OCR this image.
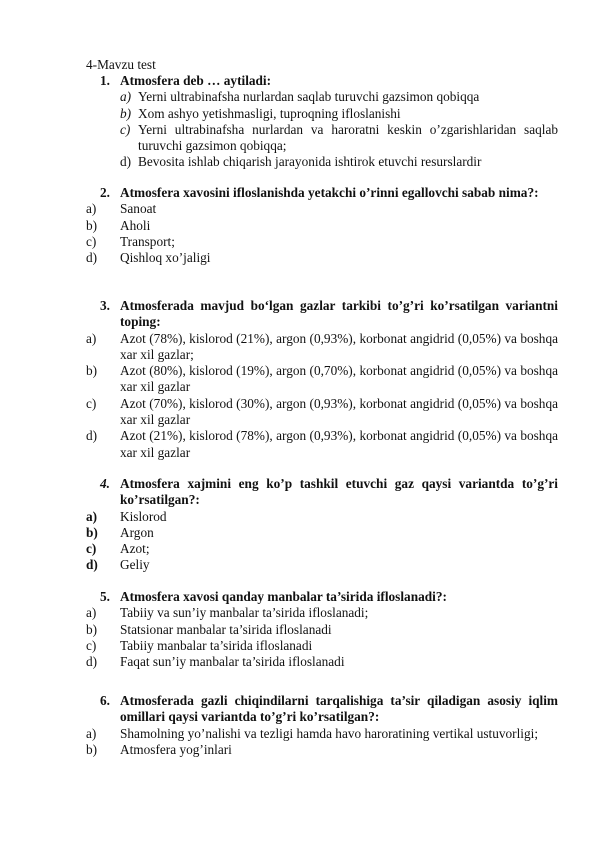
4-Mavzu test
1. Atmosfera deb … aytiladi:
a) Yerni ultrabinafsha nurlardan saqlab turuvchi gazsimon qobiqqa
b) Xom ashyo yetishmasligi, tuproqning ifloslanishi
c) Yerni ultrabinafsha nurlardan va haroratni keskin o’zgarishlaridan saqlab turuvchi gazsimon qobiqqa;
d) Bevosita ishlab chiqarish jarayonida ishtirok etuvchi resurslardir
2. Atmosfera xavosini ifloslanishda yetakchi o’rinni egallovchi sabab nima?:
a)	Sanoat
b)	Aholi
c)	Transport;
d)	Qishloq xo’jaligi
3. Atmosferada mavjud bo‘lgan gazlar tarkibi to’g’ri ko’rsatilgan variantni toping:
a)	Azot (78%), kislorod (21%), argon (0,93%), korbonat angidrid (0,05%) va boshqa xar xil gazlar;
b)	Azot (80%), kislorod (19%), argon (0,70%), korbonat angidrid (0,05%) va boshqa xar xil gazlar
c)	Azot (70%), kislorod (30%), argon (0,93%), korbonat angidrid (0,05%) va boshqa xar xil gazlar
d)	Azot (21%), kislorod (78%), argon (0,93%), korbonat angidrid (0,05%) va boshqa xar xil gazlar
4. Atmosfera xajmini eng ko’p tashkil etuvchi gaz qaysi variantda to’g’ri ko’rsatilgan?:
a)	Kislorod
b)	Argon
c)	Azot;
d)	Geliy
5. Atmosfera xavosi qanday manbalar ta’sirida ifloslanadi?:
a)	Tabiiy va sun’iy manbalar ta’sirida ifloslanadi;
b)	Statsionar manbalar ta’sirida ifloslanadi
c)	Tabiiy manbalar ta’sirida ifloslanadi
d)	Faqat sun’iy manbalar ta’sirida ifloslanadi
6. Atmosferada gazli chiqindilarni tarqalishiga ta’sir qiladigan asosiy iqlim omillari qaysi variantda to’g’ri ko’rsatilgan?:
a)	Shamolning yo’nalishi va tezligi hamda havo haroratining vertikal ustuvorligi;
b)	Atmosfera yog’inlari
